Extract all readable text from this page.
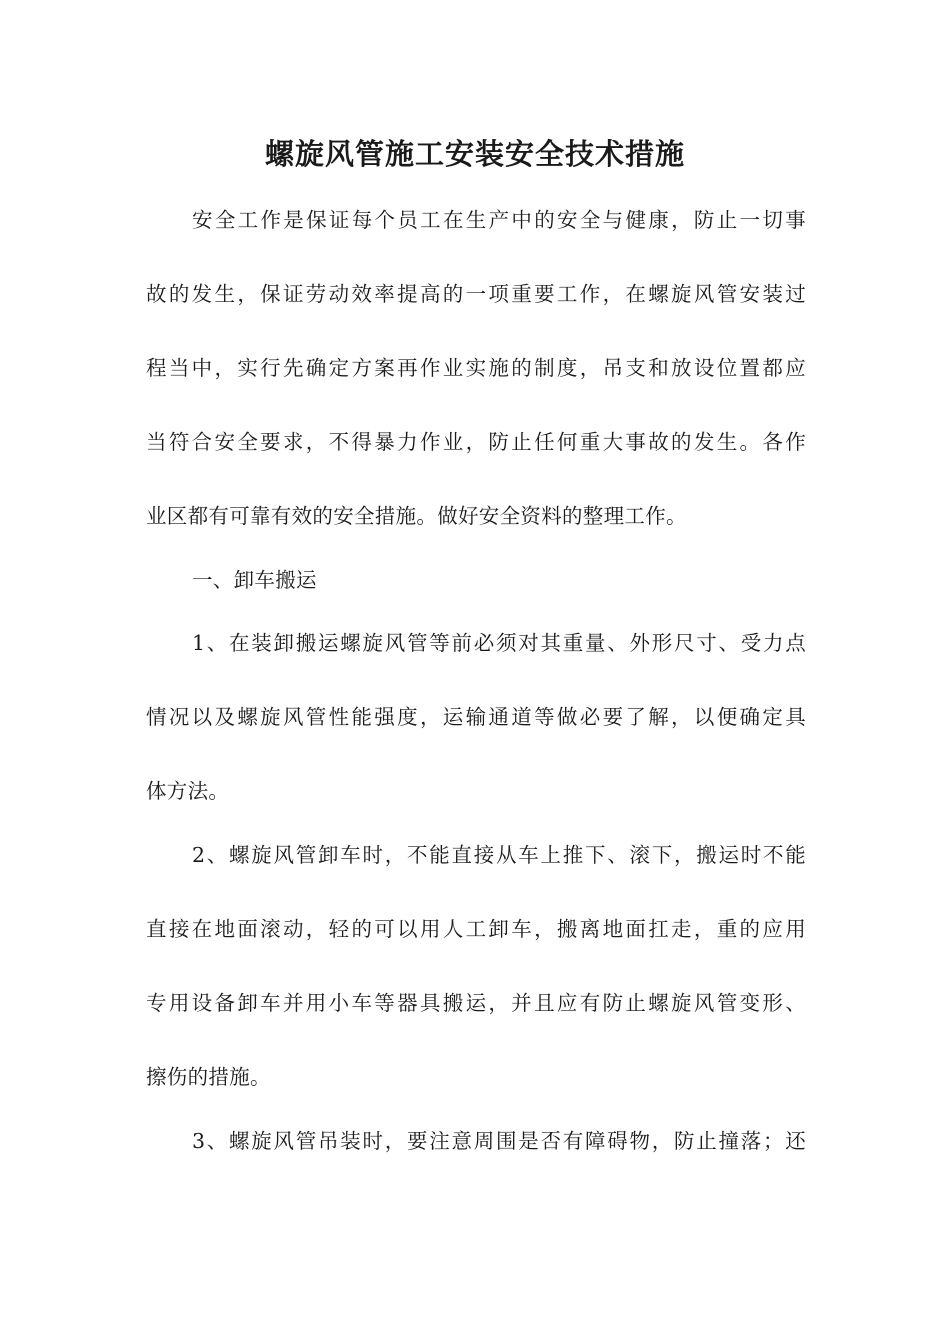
螺旋风管施工安装安全技术措施

安全工作是保证每个员工在生产中的安全与健康，防止一切事

故的发生，保证劳动效率提高的一项重要工作，在螺旋风管安装过

程当中，实行先确定方案再作业实施的制度，吊支和放设位置都应

当符合安全要求，不得暴力作业，防止任何重大事故的发生。各作

业区都有可靠有效的安全措施。做好安全资料的整理工作。

一、卸车搬运

1、在装卸搬运螺旋风管等前必须对其重量、外形尺寸、受力点

情况以及螺旋风管性能强度，运输通道等做必要了解，以便确定具

体方法。

2、螺旋风管卸车时，不能直接从车上推下、滚下，搬运时不能

直接在地面滚动，轻的可以用人工卸车，搬离地面扛走，重的应用

专用设备卸车并用小车等器具搬运，并且应有防止螺旋风管变形、

擦伤的措施。

3、螺旋风管吊装时，要注意周围是否有障碍物，防止撞落；还
